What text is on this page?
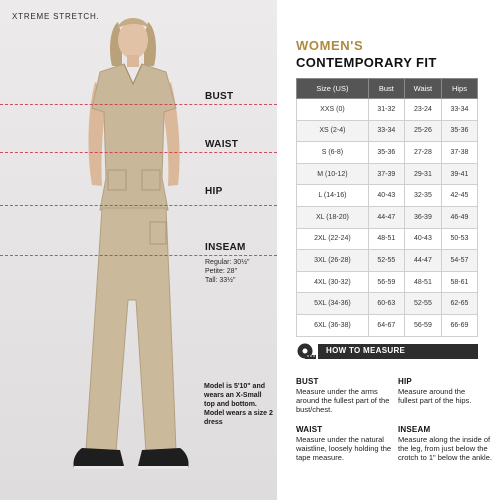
XTREME STRETCH.
BUST
WAIST
HIP
INSEAM
Regular: 30½"
Petite: 28"
Tall: 33½"
Model is 5'10" and wears an X-Small top and bottom. Model wears a size 2 dress
WOMEN'S
CONTEMPORARY FIT
Size (US)	Bust	Waist	Hips
XXS (0)	31-32	23-24	33-34
XS (2-4)	33-34	25-26	35-36
S (6-8)	35-36	27-28	37-38
M (10-12)	37-39	29-31	39-41
L (14-16)	40-43	32-35	42-45
XL (18-20)	44-47	36-39	46-49
2XL (22-24)	48-51	40-43	50-53
3XL (26-28)	52-55	44-47	54-57
4XL (30-32)	56-59	48-51	58-61
5XL (34-36)	60-63	52-55	62-65
6XL (36-38)	64-67	56-59	66-69
HOW TO MEASURE
BUST
Measure under the arms around the fullest part of the bust/chest.
HIP
Measure around the fullest part of the hips.
WAIST
Measure under the natural waistline, loosely holding the tape measure.
INSEAM
Measure along the inside of the leg, from just below the crotch to 1" below the ankle.
